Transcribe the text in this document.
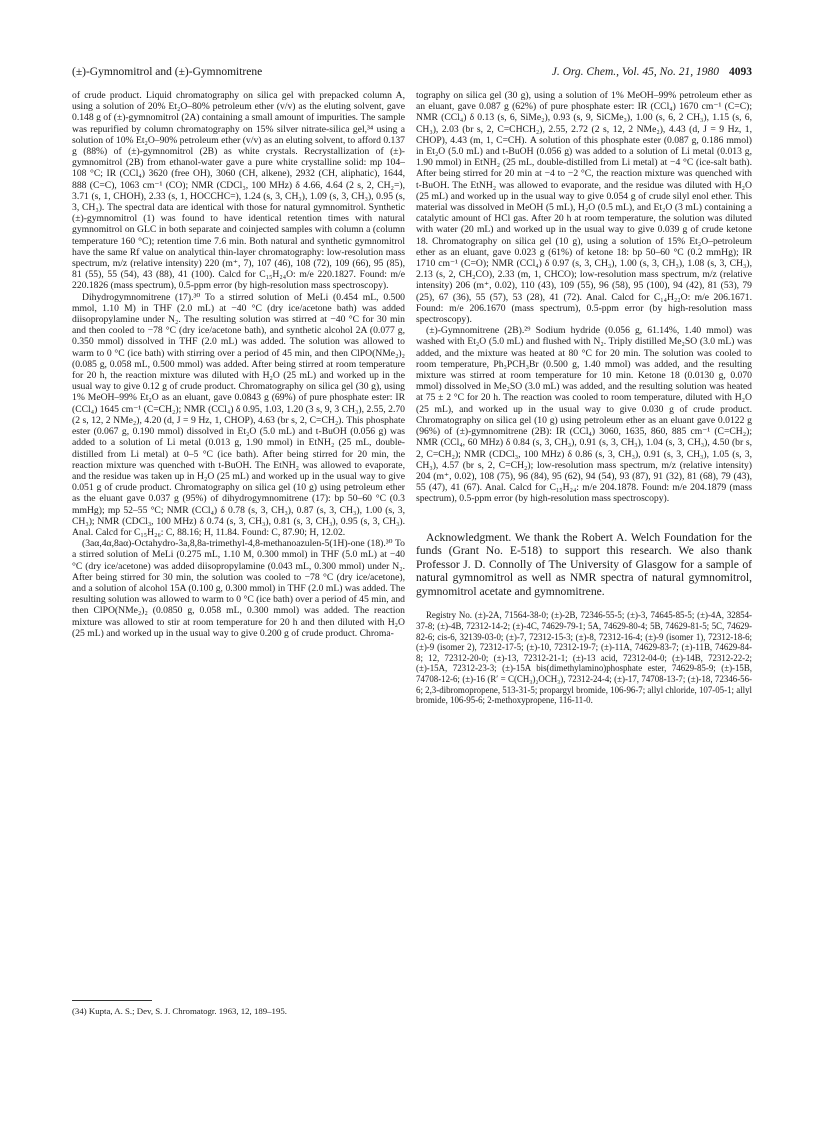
(±)-Gymnomitrol and (±)-Gymnomitrene	J. Org. Chem., Vol. 45, No. 21, 1980 4093

of crude product. Liquid chromatography on silica gel with prepacked column A, using a solution of 20% Et₂O–80% petroleum ether (v/v) as the eluting solvent, gave 0.148 g of (±)-gymnomitrol (2A) containing a small amount of impurities. The sample was repurified by column chromatography on 15% silver nitrate-silica gel,³⁴ using a solution of 10% Et₂O–90% petroleum ether (v/v) as an eluting solvent, to afford 0.137 g (88%) of (±)-gymnomitrol (2B) as white crystals. Recrystallization of (±)-gymnomitrol (2B) from ethanol-water gave a pure white crystalline solid: mp 104–108 °C; IR (CCl₄) 3620 (free OH), 3060 (CH, alkene), 2932 (CH, aliphatic), 1644, 888 (C=C), 1063 cm⁻¹ (CO); NMR (CDCl₃, 100 MHz) δ 4.66, 4.64 (2 s, 2, CH₂=), 3.71 (s, 1, CHOH), 2.33 (s, 1, HOCCHC=), 1.24 (s, 3, CH₃), 1.09 (s, 3, CH₃), 0.95 (s, 3, CH₃). The spectral data are identical with those for natural gymnomitrol. Synthetic (±)-gymnomitrol (1) was found to have identical retention times with natural gymnomitrol on GLC in both separate and coinjected samples with column a (column temperature 160 °C); retention time 7.6 min. Both natural and synthetic gymnomitrol have the same Rf value on analytical thin-layer chromatography: low-resolution mass spectrum, m/z (relative intensity) 220 (m⁺, 7), 107 (46), 108 (72), 109 (66), 95 (85), 81 (55), 55 (54), 43 (88), 41 (100). Calcd for C₁₅H₂₄O: m/e 220.1827. Found: m/e 220.1826 (mass spectrum), 0.5-ppm error (by high-resolution mass spectroscopy).

Dihydrogymnomitrene (17).³⁰ To a stirred solution of MeLi (0.454 mL, 0.500 mmol, 1.10 M) in THF (2.0 mL) at −40 °C (dry ice/acetone bath) was added diisopropylamine under N₂. The resulting solution was stirred at −40 °C for 30 min and then cooled to −78 °C (dry ice/acetone bath), and synthetic alcohol 2A (0.077 g, 0.350 mmol) dissolved in THF (2.0 mL) was added. The solution was allowed to warm to 0 °C (ice bath) with stirring over a period of 45 min, and then ClPO(NMe₂)₂ (0.085 g, 0.058 mL, 0.500 mmol) was added. After being stirred at room temperature for 20 h, the reaction mixture was diluted with H₂O (25 mL) and worked up in the usual way to give 0.12 g of crude product. Chromatography on silica gel (30 g), using 1% MeOH–99% Et₂O as an eluant, gave 0.0843 g (69%) of pure phosphate ester: IR (CCl₄) 1645 cm⁻¹ (C=CH₂); NMR (CCl₄) δ 0.95, 1.03, 1.20 (3 s, 9, 3 CH₃), 2.55, 2.70 (2 s, 12, 2 NMe₂), 4.20 (d, J = 9 Hz, 1, CHOP), 4.63 (br s, 2, C=CH₂). This phosphate ester (0.067 g, 0.190 mmol) dissolved in Et₂O (5.0 mL) and t-BuOH (0.056 g) was added to a solution of Li metal (0.013 g, 1.90 mmol) in EtNH₂ (25 mL, double-distilled from Li metal) at 0–5 °C (ice bath). After being stirred for 20 min, the reaction mixture was quenched with t-BuOH. The EtNH₂ was allowed to evaporate, and the residue was taken up in H₂O (25 mL) and worked up in the usual way to give 0.051 g of crude product. Chromatography on silica gel (10 g) using petroleum ether as the eluant gave 0.037 g (95%) of dihydrogymnomitrene (17): bp 50–60 °C (0.3 mmHg); mp 52–55 °C; NMR (CCl₄) δ 0.78 (s, 3, CH₃), 0.87 (s, 3, CH₃), 1.00 (s, 3, CH₃); NMR (CDCl₃, 100 MHz) δ 0.74 (s, 3, CH₃), 0.81 (s, 3, CH₃), 0.95 (s, 3, CH₃). Anal. Calcd for C₁₅H₂₆: C, 88.16; H, 11.84. Found: C, 87.90; H, 12.02.

(3aα,4α,8aα)-Octahydro-3a,8,8a-trimethyl-4,8-methanoazulen-5(1H)-one (18).³⁰ To a stirred solution of MeLi (0.275 mL, 1.10 M, 0.300 mmol) in THF (5.0 mL) at −40 °C (dry ice/acetone) was added diisopropylamine (0.043 mL, 0.300 mmol) under N₂. After being stirred for 30 min, the solution was cooled to −78 °C (dry ice/acetone), and a solution of alcohol 15A (0.100 g, 0.300 mmol) in THF (2.0 mL) was added. The resulting solution was allowed to warm to 0 °C (ice bath) over a period of 45 min, and then ClPO(NMe₂)₂ (0.0850 g, 0.058 mL, 0.300 mmol) was added. The reaction mixture was allowed to stir at room temperature for 20 h and then diluted with H₂O (25 mL) and worked up in the usual way to give 0.200 g of crude product. Chroma-

tography on silica gel (30 g), using a solution of 1% MeOH–99% petroleum ether as an eluant, gave 0.087 g (62%) of pure phosphate ester: IR (CCl₄) 1670 cm⁻¹ (C=C); NMR (CCl₄) δ 0.13 (s, 6, SiMe₂), 0.93 (s, 9, SiCMe₃), 1.00 (s, 6, 2 CH₃), 1.15 (s, 6, CH₃), 2.03 (br s, 2, C=CHCH₂), 2.55, 2.72 (2 s, 12, 2 NMe₂), 4.43 (d, J = 9 Hz, 1, CHOP), 4.43 (m, 1, C=CH). A solution of this phosphate ester (0.087 g, 0.186 mmol) in Et₂O (5.0 mL) and t-BuOH (0.056 g) was added to a solution of Li metal (0.013 g, 1.90 mmol) in EtNH₂ (25 mL, double-distilled from Li metal) at −4 °C (ice-salt bath). After being stirred for 20 min at −4 to −2 °C, the reaction mixture was quenched with t-BuOH. The EtNH₂ was allowed to evaporate, and the residue was diluted with H₂O (25 mL) and worked up in the usual way to give 0.054 g of crude silyl enol ether. This material was dissolved in MeOH (5 mL), H₂O (0.5 mL), and Et₂O (3 mL) containing a catalytic amount of HCl gas. After 20 h at room temperature, the solution was diluted with water (20 mL) and worked up in the usual way to give 0.039 g of crude ketone 18. Chromatography on silica gel (10 g), using a solution of 15% Et₂O–petroleum ether as an eluant, gave 0.023 g (61%) of ketone 18: bp 50–60 °C (0.2 mmHg); IR 1710 cm⁻¹ (C=O); NMR (CCl₄) δ 0.97 (s, 3, CH₃), 1.00 (s, 3, CH₃), 1.08 (s, 3, CH₃), 2.13 (s, 2, CH₂CO), 2.33 (m, 1, CHCO); low-resolution mass spectrum, m/z (relative intensity) 206 (m⁺, 0.02), 110 (43), 109 (55), 96 (58), 95 (100), 94 (42), 81 (53), 79 (25), 67 (36), 55 (57), 53 (28), 41 (72). Anal. Calcd for C₁₄H₂₂O: m/e 206.1671. Found: m/e 206.1670 (mass spectrum), 0.5-ppm error (by high-resolution mass spectroscopy).

(±)-Gymnomitrene (2B).²⁹ Sodium hydride (0.056 g, 61.14%, 1.40 mmol) was washed with Et₂O (5.0 mL) and flushed with N₂. Triply distilled Me₂SO (3.0 mL) was added, and the mixture was heated at 80 °C for 20 min. The solution was cooled to room temperature, Ph₃PCH₃Br (0.500 g, 1.40 mmol) was added, and the resulting mixture was stirred at room temperature for 10 min. Ketone 18 (0.0130 g, 0.070 mmol) dissolved in Me₂SO (3.0 mL) was added, and the resulting solution was heated at 75 ± 2 °C for 20 h. The reaction was cooled to room temperature, diluted with H₂O (25 mL), and worked up in the usual way to give 0.030 g of crude product. Chromatography on silica gel (10 g) using petroleum ether as an eluant gave 0.0122 g (96%) of (±)-gymnomitrene (2B): IR (CCl₄) 3060, 1635, 860, 885 cm⁻¹ (C=CH₂); NMR (CCl₄, 60 MHz) δ 0.84 (s, 3, CH₃), 0.91 (s, 3, CH₃), 1.04 (s, 3, CH₃), 4.50 (br s, 2, C=CH₂); NMR (CDCl₃, 100 MHz) δ 0.86 (s, 3, CH₃), 0.91 (s, 3, CH₃), 1.05 (s, 3, CH₃), 4.57 (br s, 2, C=CH₂); low-resolution mass spectrum, m/z (relative intensity) 204 (m⁺, 0.02), 108 (75), 96 (84), 95 (62), 94 (54), 93 (87), 91 (32), 81 (68), 79 (43), 55 (47), 41 (67). Anal. Calcd for C₁₅H₂₄: m/e 204.1878. Found: m/e 204.1879 (mass spectrum), 0.5-ppm error (by high-resolution mass spectroscopy).

Acknowledgment. We thank the Robert A. Welch Foundation for the funds (Grant No. E-518) to support this research. We also thank Professor J. D. Connolly of The University of Glasgow for a sample of natural gymnomitrol as well as NMR spectra of natural gymnomitrol, gymnomitrol acetate and gymnomitrene.

Registry No. (±)-2A, 71564-38-0; (±)-2B, 72346-55-5; (±)-3, 74645-85-5; (±)-4A, 32854-37-8; (±)-4B, 72312-14-2; (±)-4C, 74629-79-1; 5A, 74629-80-4; 5B, 74629-81-5; 5C, 74629-82-6; cis-6, 32139-03-0; (±)-7, 72312-15-3; (±)-8, 72312-16-4; (±)-9 (isomer 1), 72312-18-6; (±)-9 (isomer 2), 72312-17-5; (±)-10, 72312-19-7; (±)-11A, 74629-83-7; (±)-11B, 74629-84-8; 12, 72312-20-0; (±)-13, 72312-21-1; (±)-13 acid, 72312-04-0; (±)-14B, 72312-22-2; (±)-15A, 72312-23-3; (±)-15A bis(dimethylamino)phosphate ester, 74629-85-9; (±)-15B, 74708-12-6; (±)-16 (R′ = C(CH₃)₂OCH₃), 72312-24-4; (±)-17, 74708-13-7; (±)-18, 72346-56-6; 2,3-dibromopropene, 513-31-5; propargyl bromide, 106-96-7; allyl chloride, 107-05-1; allyl bromide, 106-95-6; 2-methoxypropene, 116-11-0.

(34) Kupta, A. S.; Dev, S. J. Chromatogr. 1963, 12, 189–195.
